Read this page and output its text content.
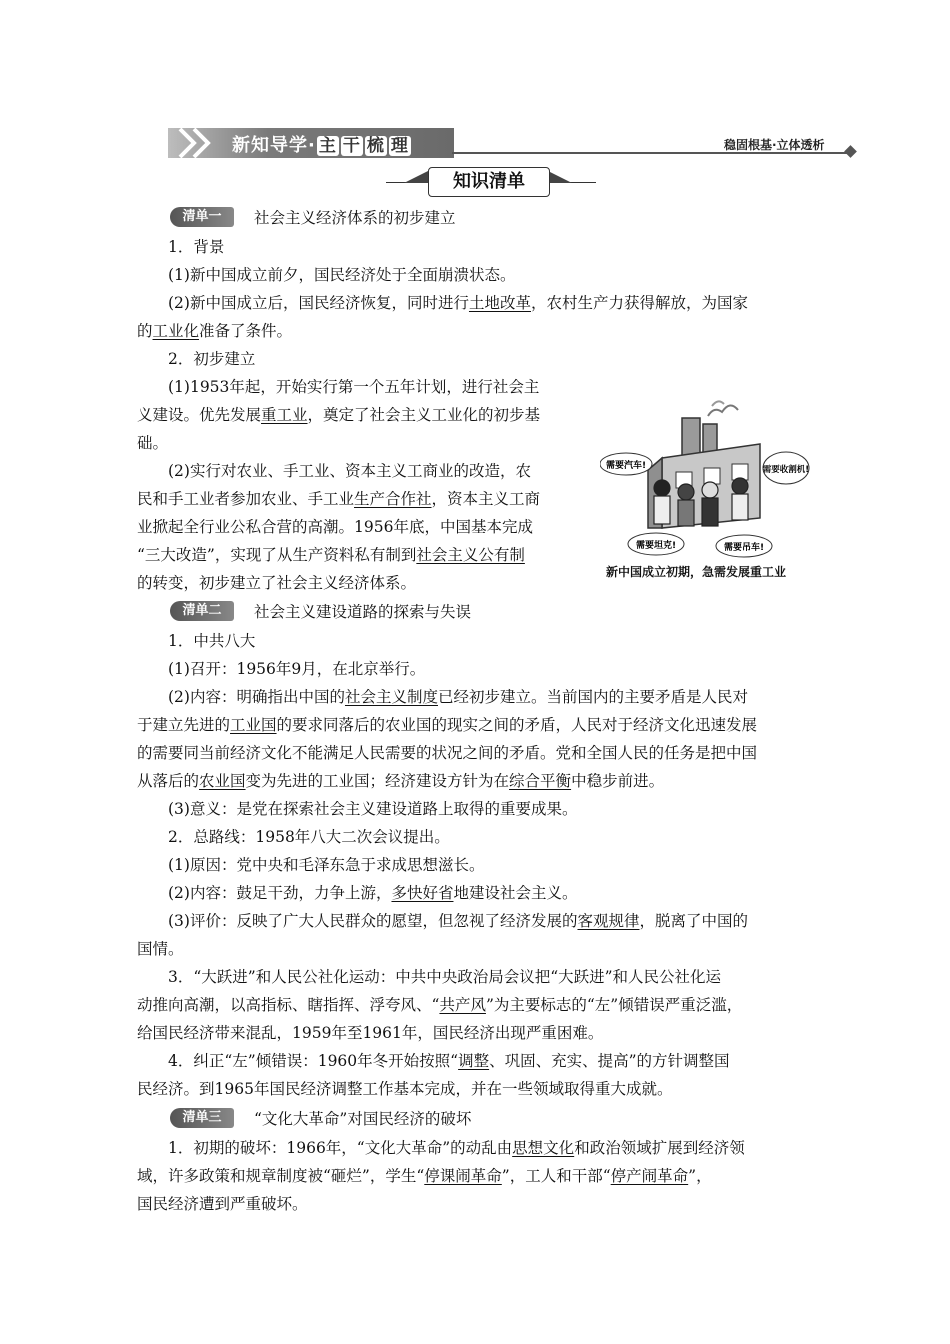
新知导学· 主 干 梳 理	稳固根基·立体透析
知识清单
清单一	社会主义经济体系的初步建立
1．背景
(1)新中国成立前夕，国民经济处于全面崩溃状态。
(2)新中国成立后，国民经济恢复，同时进行土地改革，农村生产力获得解放，为国家
的工业化准备了条件。
2．初步建立
(1)1953年起，开始实行第一个五年计划，进行社会主
义建设。优先发展重工业，奠定了社会主义工业化的初步基
础。
(2)实行对农业、手工业、资本主义工商业的改造，农
民和手工业者参加农业、手工业生产合作社，资本主义工商
业掀起全行业公私合营的高潮。1956年底，中国基本完成
“三大改造”，实现了从生产资料私有制到社会主义公有制
的转变，初步建立了社会主义经济体系。
需要汽车!	需要收割机!
需要坦克!	需要吊车!
新中国成立初期，急需发展重工业
清单二	社会主义建设道路的探索与失误
1．中共八大
(1)召开：1956年9月，在北京举行。
(2)内容：明确指出中国的社会主义制度已经初步建立。当前国内的主要矛盾是人民对
于建立先进的工业国的要求同落后的农业国的现实之间的矛盾，人民对于经济文化迅速发展
的需要同当前经济文化不能满足人民需要的状况之间的矛盾。党和全国人民的任务是把中国
从落后的农业国变为先进的工业国；经济建设方针为在综合平衡中稳步前进。
(3)意义：是党在探索社会主义建设道路上取得的重要成果。
2．总路线：1958年八大二次会议提出。
(1)原因：党中央和毛泽东急于求成思想滋长。
(2)内容：鼓足干劲，力争上游，多快好省地建设社会主义。
(3)评价：反映了广大人民群众的愿望，但忽视了经济发展的客观规律，脱离了中国的
国情。
3．“大跃进”和人民公社化运动：中共中央政治局会议把“大跃进”和人民公社化运
动推向高潮，以高指标、瞎指挥、浮夸风、“共产风”为主要标志的“左”倾错误严重泛滥，
给国民经济带来混乱，1959年至1961年，国民经济出现严重困难。
4．纠正“左”倾错误：1960年冬开始按照“调整、巩固、充实、提高”的方针调整国
民经济。到1965年国民经济调整工作基本完成，并在一些领域取得重大成就。
清单三	“文化大革命”对国民经济的破坏
1．初期的破坏：1966年，“文化大革命”的动乱由思想文化和政治领域扩展到经济领
域，许多政策和规章制度被“砸烂”，学生“停课闹革命”，工人和干部“停产闹革命”，
国民经济遭到严重破坏。
